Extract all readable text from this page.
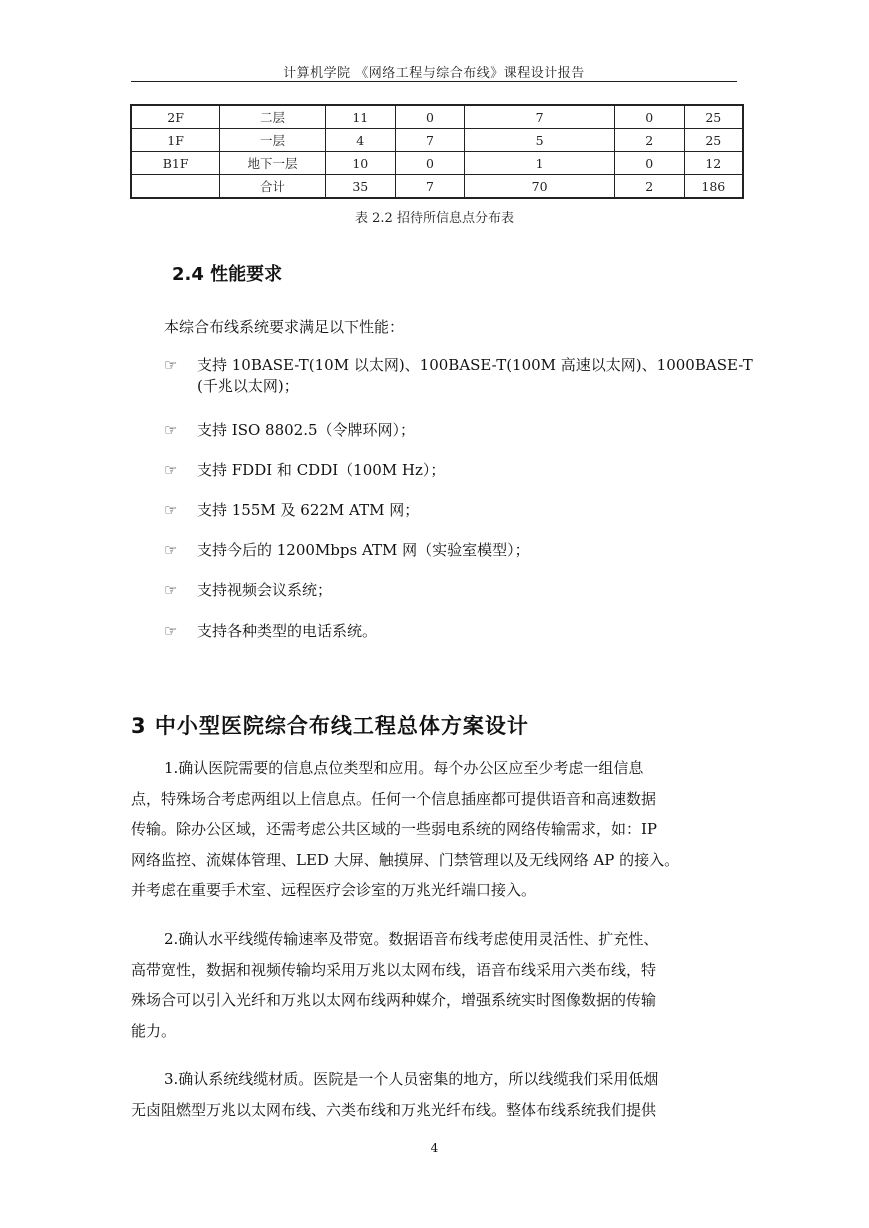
计算机学院 《网络工程与综合布线》课程设计报告
2F	二层	11	0	7	0	25
1F	一层	4	7	5	2	25
B1F	地下一层	10	0	1	0	12
	合计	35	7	70	2	186
表 2.2 招待所信息点分布表
2.4 性能要求
本综合布线系统要求满足以下性能：
☞	支持 10BASE-T(10M 以太网)、100BASE-T(100M 高速以太网)、1000BASE-T
(千兆以太网)；
☞	支持 ISO 8802.5（令牌环网）；
☞	支持 FDDI 和 CDDI（100M Hz）；
☞	支持 155M 及 622M ATM 网；
☞	支持今后的 1200Mbps ATM 网（实验室模型）；
☞	支持视频会议系统；
☞	支持各种类型的电话系统。
3 中小型医院综合布线工程总体方案设计
1.确认医院需要的信息点位类型和应用。每个办公区应至少考虑一组信息
点，特殊场合考虑两组以上信息点。任何一个信息插座都可提供语音和高速数据
传输。除办公区域，还需考虑公共区域的一些弱电系统的网络传输需求，如：IP
网络监控、流媒体管理、LED 大屏、触摸屏、门禁管理以及无线网络 AP 的接入。
并考虑在重要手术室、远程医疗会诊室的万兆光纤端口接入。
2.确认水平线缆传输速率及带宽。数据语音布线考虑使用灵活性、扩充性、
高带宽性，数据和视频传输均采用万兆以太网布线，语音布线采用六类布线，特
殊场合可以引入光纤和万兆以太网布线两种媒介，增强系统实时图像数据的传输
能力。
3.确认系统线缆材质。医院是一个人员密集的地方，所以线缆我们采用低烟
无卤阻燃型万兆以太网布线、六类布线和万兆光纤布线。整体布线系统我们提供
4
